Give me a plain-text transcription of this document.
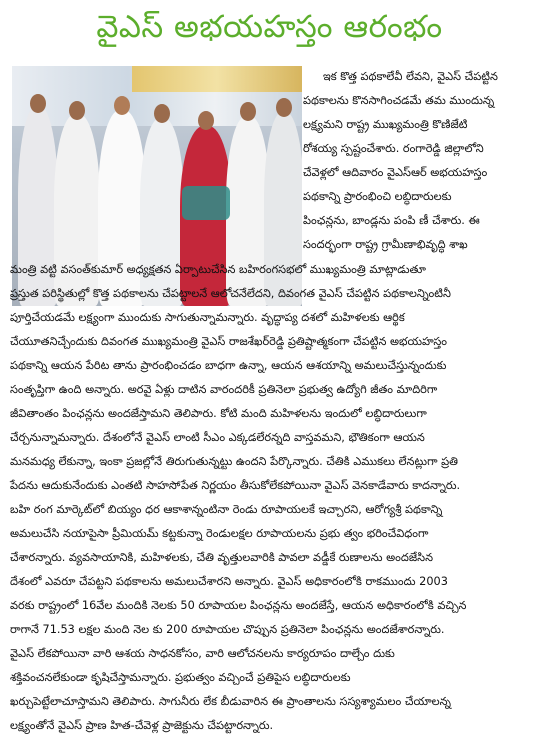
వైఎస్ అభయహస్తం ఆరంభం
ఇక కొత్త పథకాలేవీ లేవని, వైఎస్ చేపట్టిన
పథకాలను కొనసాగించడమే తమ ముందున్న
లక్ష్యమని రాష్ట్ర ముఖ్యమంత్రి కొణిజేటి
రోశయ్య స్పష్టంచేశారు. రంగారెడ్డి జిల్లాలోని
చేవెళ్లలో ఆదివారం వైఎస్ఆర్ అభయహస్తం
పథకాన్ని ప్రారంభించి లబ్ధిదారులకు
పింఛన్లను, బాండ్లను పంపి ణీ చేశారు. ఈ
సందర్భంగా రాష్ట్ర గ్రామీణాభివృద్ధి శాఖ
మంత్రి వట్టి వసంత్‌కుమార్ అధ్యక్షతన ఏర్పాటుచేసిన బహిరంగసభలో ముఖ్యమంత్రి మాట్లాడుతూ
ప్రస్తుత పరిస్థితుల్లో కొత్త పథకాలను చేపట్టాలనే ఆలోచనేలేదని, దివంగత వైఎస్ చేపట్టిన పథకాలన్నింటినీ
పూర్తిచేయడమే లక్ష్యంగా ముందుకు సాగుతున్నామన్నారు. వృద్ధాప్య దశలో మహిళలకు ఆర్థిక
చేయూతనిచ్చేందుకు దివంగత ముఖ్యమంత్రి వైఎస్ రాజశేఖర్‌రెడ్డి ప్రతిష్టాత్మకంగా చేపట్టిన అభయహస్తం
పథకాన్ని ఆయన పేరిట తాను ప్రారంభించడం బాధగా ఉన్నా, ఆయన ఆశయాన్ని అమలుచేస్తున్నందుకు
సంతృప్తిగా ఉంది అన్నారు. అరవై ఏళ్లు దాటిన వారందరికీ ప్రతినెలా ప్రభుత్వ ఉద్యోగి జీతం మాదిరిగా
జీవితాంతం పింఛన్లను అందజేస్తామని తెలిపారు. కోటి మంది మహిళలను ఇందులో లబ్ధిదారులుగా
చేర్చనున్నామన్నారు. దేశంలోనే వైఎస్ లాంటి సీఎం ఎక్కడలేరన్నది వాస్తవమని, భౌతికంగా ఆయన
మనమధ్య లేకున్నా, ఇంకా ప్రజల్లోనే తిరుగుతున్నట్టు ఉందని పేర్కొన్నారు. చేతికి ఎముకలు లేనట్లుగా ప్రతి
పేదను ఆదుకునేందుకు ఎంతటి సాహసోపేత నిర్ణయం తీసుకోలేకపోయినా వైఎస్ వెనకాడేవారు కాదన్నారు.
బహి రంగ మార్కెట్‌లో బియ్యం ధర ఆకాశాన్నంటినా రెండు రూపాయలకే ఇచ్చారని, ఆరోగ్యశ్రీ పథకాన్ని
అమలుచేసి నయాపైసా ప్రీమియమ్ కట్టకున్నా రెండులక్షల రూపాయలను ప్రభు త్వం భరించేవిధంగా
చేశారన్నారు. వ్యవసాయానికి, మహిళలకు, చేతి వృత్తులవారికి పావలా వడ్డీకే రుణాలను అందజేసిన
దేశంలో ఎవరూ చేపట్టని పథకాలను అమలుచేశారని అన్నారు. వైఎస్ అధికారంలోకి రాకముందు 2003
వరకు రాష్ట్రంలో 16వేల మందికి నెలకు 50 రూపాయల పింఛన్లను అందజేస్తే, ఆయన అధికారంలోకి వచ్చిన
రాగానే 71.53 లక్షల మంది నెల కు 200 రూపాయల చొప్పున ప్రతినెలా పింఛన్లను అందజేశారన్నారు.
వైఎస్ లేకపోయినా వారి ఆశయ సాధనకోసం, వారి ఆలోచనలను కార్యరూపం దాల్చేం దుకు
శక్తివంచనలేకుండా కృషిచేస్తామన్నారు. ప్రభుత్వం వచ్చించే ప్రతిపైస లబ్ధిదారులకు
ఖర్చుపెట్టేలాచూస్తామని తెలిపారు. సాగునీరు లేక బీడువారిన ఈ ప్రాంతాలను సస్యశ్యామలం చేయాలన్న
లక్ష్యంతోనే వైఎస్ ప్రాణ హిత-చేవెళ్ల ప్రాజెక్టును చేపట్టారన్నారు.
